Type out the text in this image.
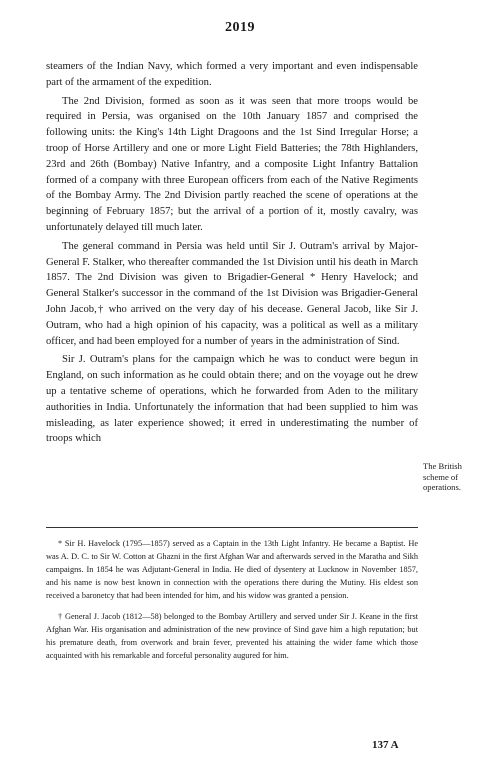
2019

steamers of the Indian Navy, which formed a very important and even indispensable part of the armament of the expedition.

The 2nd Division, formed as soon as it was seen that more troops would be required in Persia, was organised on the 10th January 1857 and comprised the following units: the King's 14th Light Dragoons and the 1st Sind Irregular Horse; a troop of Horse Artillery and one or more Light Field Batteries; the 78th Highlanders, 23rd and 26th (Bombay) Native Infantry, and a composite Light Infantry Battalion formed of a company with three European officers from each of the Native Regiments of the Bombay Army. The 2nd Division partly reached the scene of operations at the beginning of February 1857; but the arrival of a portion of it, mostly cavalry, was unfortunately delayed till much later.

The general command in Persia was held until Sir J. Outram's arrival by Major-General F. Stalker, who thereafter commanded the 1st Division until his death in March 1857. The 2nd Division was given to Brigadier-General * Henry Havelock; and General Stalker's successor in the command of the 1st Division was Brigadier-General John Jacob,† who arrived on the very day of his decease. General Jacob, like Sir J. Outram, who had a high opinion of his capacity, was a political as well as a military officer, and had been employed for a number of years in the administration of Sind.

Sir J. Outram's plans for the campaign which he was to conduct were begun in England, on such information as he could obtain there; and on the voyage out he drew up a tentative scheme of operations, which he forwarded from Aden to the military authorities in India. Unfortunately the information that had been supplied to him was misleading, as later experience showed; it erred in underestimating the number of troops which

The British scheme of operations.

* Sir H. Havelock (1795—1857) served as a Captain in the 13th Light Infantry. He became a Baptist. He was A. D. C. to Sir W. Cotton at Ghazni in the first Afghan War and afterwards served in the Maratha and Sikh campaigns. In 1854 he was Adjutant-General in India. He died of dysentery at Lucknow in November 1857, and his name is now best known in connection with the operations there during the Mutiny. His eldest son received a baronetcy that had been intended for him, and his widow was granted a pension.

† General J. Jacob (1812—58) belonged to the Bombay Artillery and served under Sir J. Keane in the first Afghan War. His organisation and administration of the new province of Sind gave him a high reputation; but his premature death, from overwork and brain fever, prevented his attaining the wider fame which those acquainted with his remarkable and forceful personality augured for him.

137 A
